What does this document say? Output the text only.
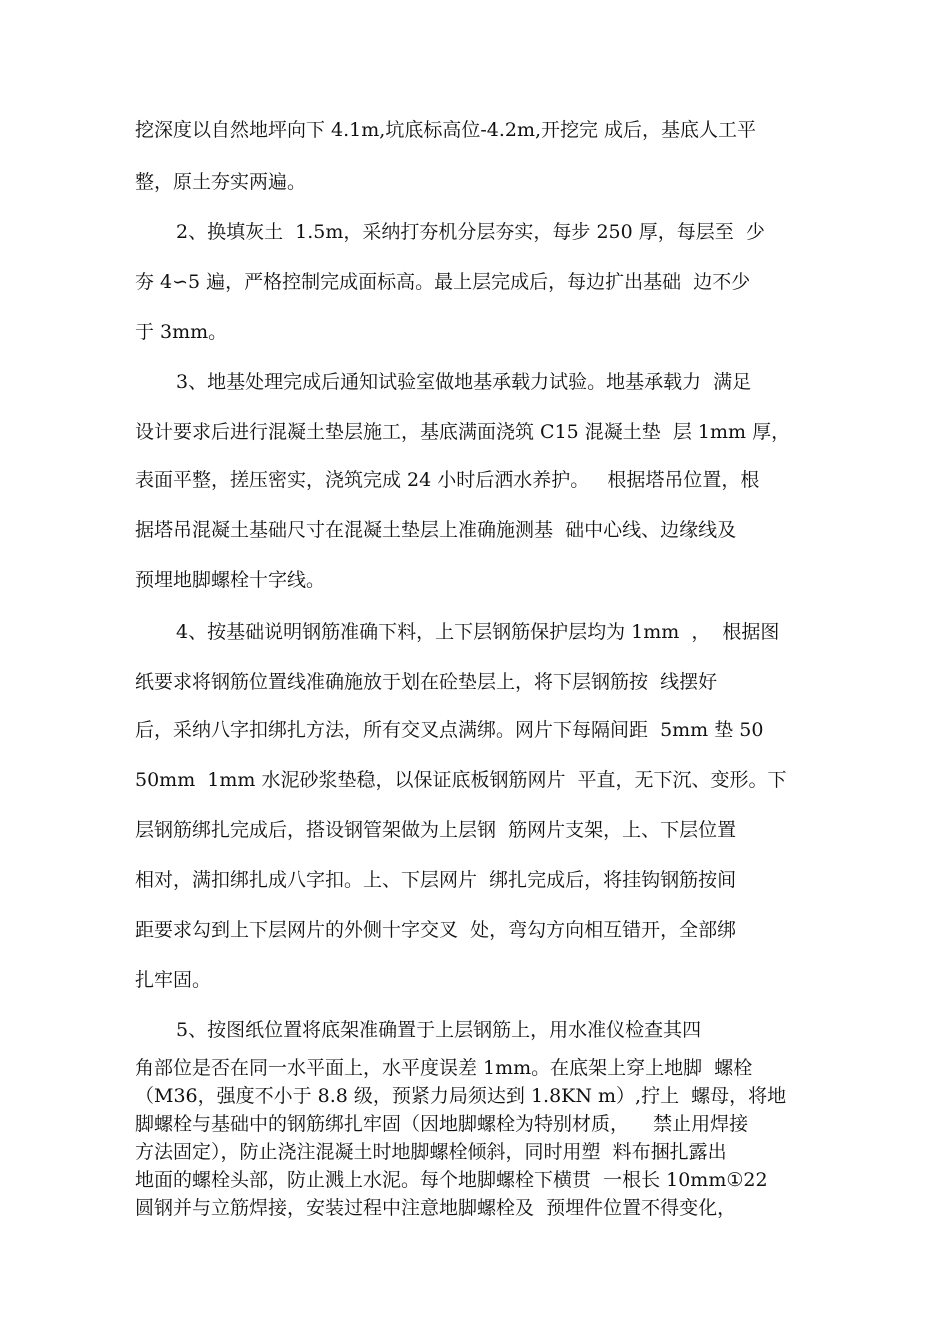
挖深度以自然地坪向下 4.1m,坑底标高位-4.2m,开挖完 成后，基底人工平
整，原土夯实两遍。
2、换填灰土  1.5m，采纳打夯机分层夯实，每步 250 厚，每层至  少
夯 4∽5 遍，严格控制完成面标高。最上层完成后，每边扩出基础  边不少
于 3mm。
3、地基处理完成后通知试验室做地基承载力试验。地基承载力  满足
设计要求后进行混凝土垫层施工，基底满面浇筑 C15 混凝土垫  层 1mm 厚，
表面平整，搓压密实，浇筑完成 24 小时后洒水养护。   根据塔吊位置，根
据塔吊混凝土基础尺寸在混凝土垫层上准确施测基  础中心线、边缘线及
预埋地脚螺栓十字线。
4、按基础说明钢筋准确下料，上下层钢筋保护层均为 1mm  ，  根据图
纸要求将钢筋位置线准确施放于划在砼垫层上，将下层钢筋按  线摆好
后，采纳八字扣绑扎方法，所有交叉点满绑。网片下每隔间距  5mm 垫 50
50mm  1mm 水泥砂浆垫稳，以保证底板钢筋网片  平直，无下沉、变形。下
层钢筋绑扎完成后，搭设钢管架做为上层钢  筋网片支架，上、下层位置
相对，满扣绑扎成八字扣。上、下层网片  绑扎完成后，将挂钩钢筋按间
距要求勾到上下层网片的外侧十字交叉  处，弯勾方向相互错开，全部绑
扎牢固。
5、按图纸位置将底架准确置于上层钢筋上，用水准仪检查其四
角部位是否在同一水平面上，水平度误差 1mm。在底架上穿上地脚  螺栓
（M36，强度不小于 8.8 级，预紧力局须达到 1.8KN m）,拧上  螺母，将地
脚螺栓与基础中的钢筋绑扎牢固（因地脚螺栓为特别材质，    禁止用焊接
方法固定），防止浇注混凝土时地脚螺栓倾斜，同时用塑  料布捆扎露出
地面的螺栓头部，防止溅上水泥。每个地脚螺栓下横贯  一根长 10mm①22
圆钢并与立筋焊接，安装过程中注意地脚螺栓及  预埋件位置不得变化，
